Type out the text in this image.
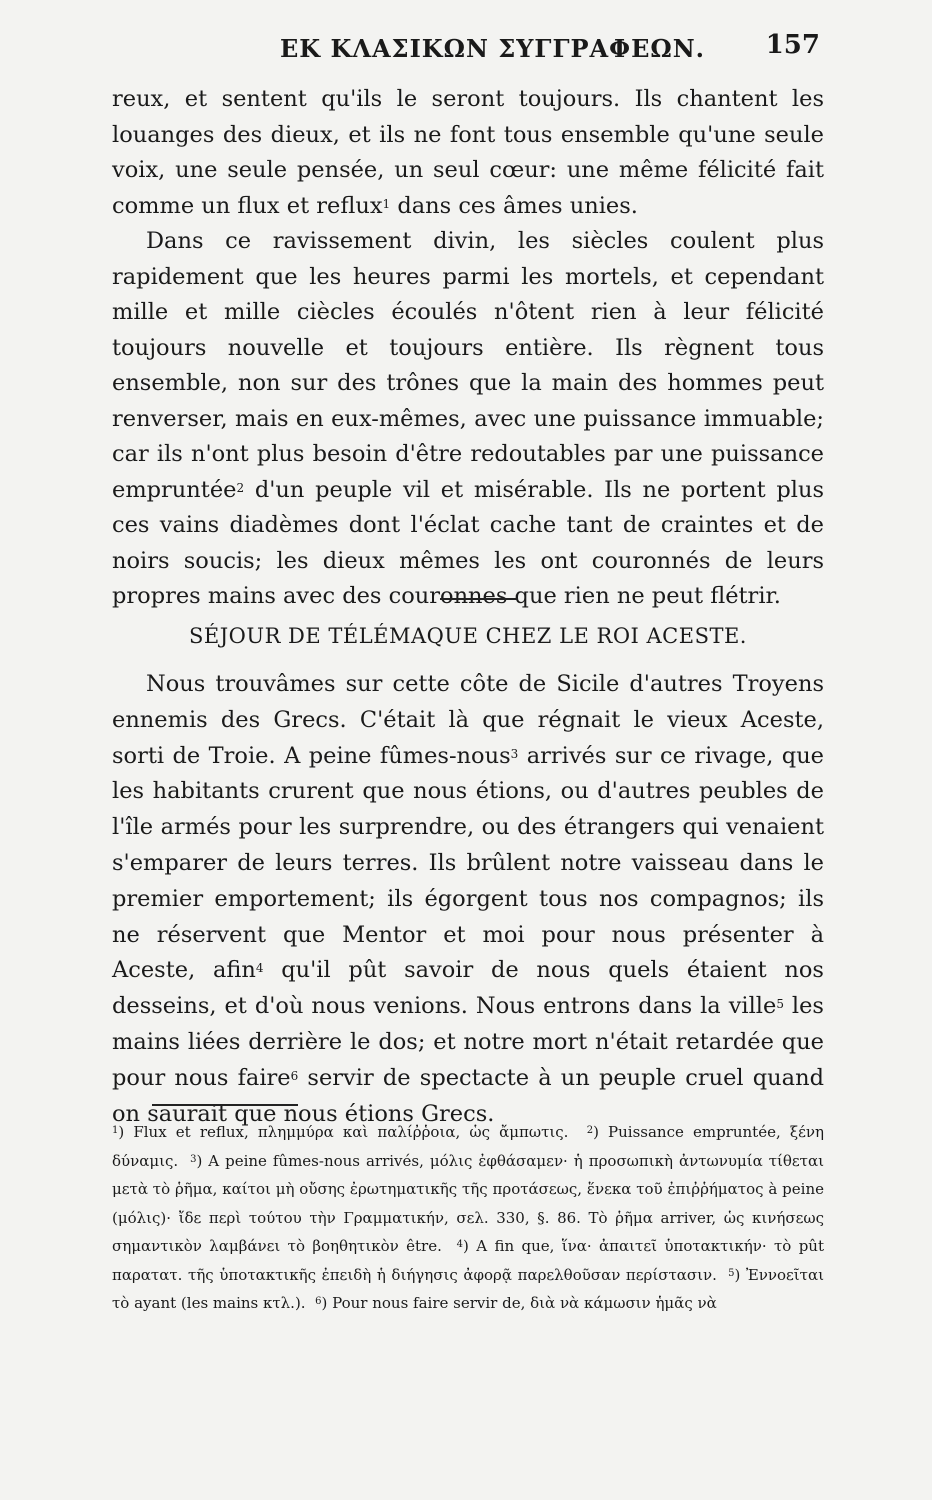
ΕΚ ΚΛΑΣΙΚΩΝ ΣΥΓΓΡΑΦΕΩΝ. 157

reux, et sentent qu'ils le seront toujours. Ils chantent les louanges des dieux, et ils ne font tous ensemble qu'une seule voix, une seule pensée, un seul cœur: une même félicité fait comme un flux et reflux$^1$ dans ces âmes unies.

Dans ce ravissement divin, les siècles coulent plus rapidement que les heures parmi les mortels, et cependant mille et mille ciècles écoulés n'ôtent rien à leur félicité toujours nouvelle et toujours entière. Ils règnent tous ensemble, non sur des trônes que la main des hommes peut renverser, mais en eux-mêmes, avec une puissance immuable; car ils n'ont plus besoin d'être redoutables par une puissance empruntée$^2$ d'un peuple vil et misérable. Ils ne portent plus ces vains diadèmes dont l'éclat cache tant de craintes et de noirs soucis; les dieux mêmes les ont couronnés de leurs propres mains avec des couronnes que rien ne peut flétrir.

SÉJOUR DE TÉLÉMAQUE CHEZ LE ROI ACESTE.

Nous trouvâmes sur cette côte de Sicile d'autres Troyens ennemis des Grecs. C'était là que régnait le vieux Aceste, sorti de Troie. A peine fûmes-nous$^3$ arrivés sur ce rivage, que les habitants crurent que nous étions, ou d'autres peubles de l'île armés pour les surprendre, ou des étrangers qui venaient s'emparer de leurs terres. Ils brûlent notre vaisseau dans le premier emportement; ils égorgent tous nos compagnos; ils ne réservent que Mentor et moi pour nous présenter à Aceste, afin$^4$ qu'il pût savoir de nous quels étaient nos desseins, et d'où nous venions. Nous entrons dans la ville$^5$ les mains liées derrière le dos; et notre mort n'était retardée que pour nous faire$^6$ servir de spectacte à un peuple cruel quand on saurait que nous étions Grecs.

$^1$) Flux et reflux, πλημμύρα καὶ παλίῤῥοια, ὡς ἄμπωτις. $^2$) Puissance empruntée, ξένη δύναμις. $^3$) A peine fûmes-nous arrivés, μόλις ἐφθάσαμεν· ἡ προσωπικὴ ἀντωνυμία τίθεται μετὰ τὸ ῥῆμα, καίτοι μὴ οὔσης ἐρωτηματικῆς τῆς προτάσεως, ἕνεκα τοῦ ἐπιῤῥήματος à peine (μόλις)· ἴδε περὶ τούτου τὴν Γραμματικήν, σελ. 330, §. 86. Τὸ ῥῆμα arriver, ὡς κινήσεως σημαντικὸν λαμβάνει τὸ βοηθητικὸν être. $^4$) A fin que, ἵνα· ἀπαιτεῖ ὑποτακτικήν· τὸ pût παρατατ. τῆς ὑποτακτικῆς ἐπειδὴ ἡ διήγησις ἀφορᾷ παρελθοῦσαν περίστασιν. $^5$) Ἐννοεῖται τὸ ayant (les mains κτλ.). $^6$) Pour nous faire servir de, διὰ νὰ κάμωσιν ἡμᾶς νὰ
